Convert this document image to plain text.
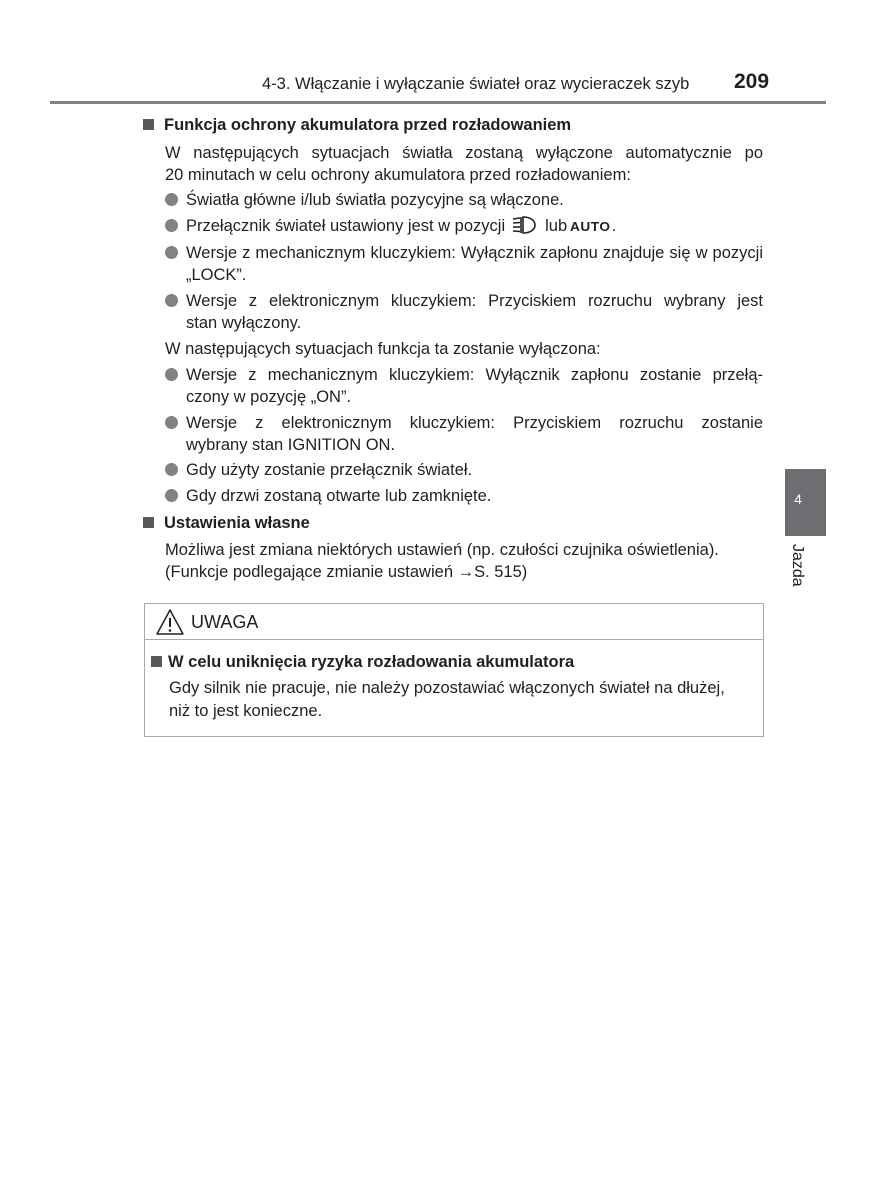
4-3. Włączanie i wyłączanie świateł oraz wycieraczek szyb 209
4
Jazda
Funkcja ochrony akumulatora przed rozładowaniem
W następujących sytuacjach światła zostaną wyłączone automatycznie po
20 minutach w celu ochrony akumulatora przed rozładowaniem:
Światła główne i/lub światła pozycyjne są włączone.
Przełącznik świateł ustawiony jest w pozycji lub AUTO.
Wersje z mechanicznym kluczykiem: Wyłącznik zapłonu znajduje się w pozycji
„LOCK”.
Wersje z elektronicznym kluczykiem: Przyciskiem rozruchu wybrany jest
stan wyłączony.
W następujących sytuacjach funkcja ta zostanie wyłączona:
Wersje z mechanicznym kluczykiem: Wyłącznik zapłonu zostanie przełą-
czony w pozycję „ON”.
Wersje z elektronicznym kluczykiem: Przyciskiem rozruchu zostanie
wybrany stan IGNITION ON.
Gdy użyty zostanie przełącznik świateł.
Gdy drzwi zostaną otwarte lub zamknięte.
Ustawienia własne
Możliwa jest zmiana niektórych ustawień (np. czułości czujnika oświetlenia).
(Funkcje podlegające zmianie ustawień →S. 515)
UWAGA
W celu uniknięcia ryzyka rozładowania akumulatora
Gdy silnik nie pracuje, nie należy pozostawiać włączonych świateł na dłużej,
niż to jest konieczne.
